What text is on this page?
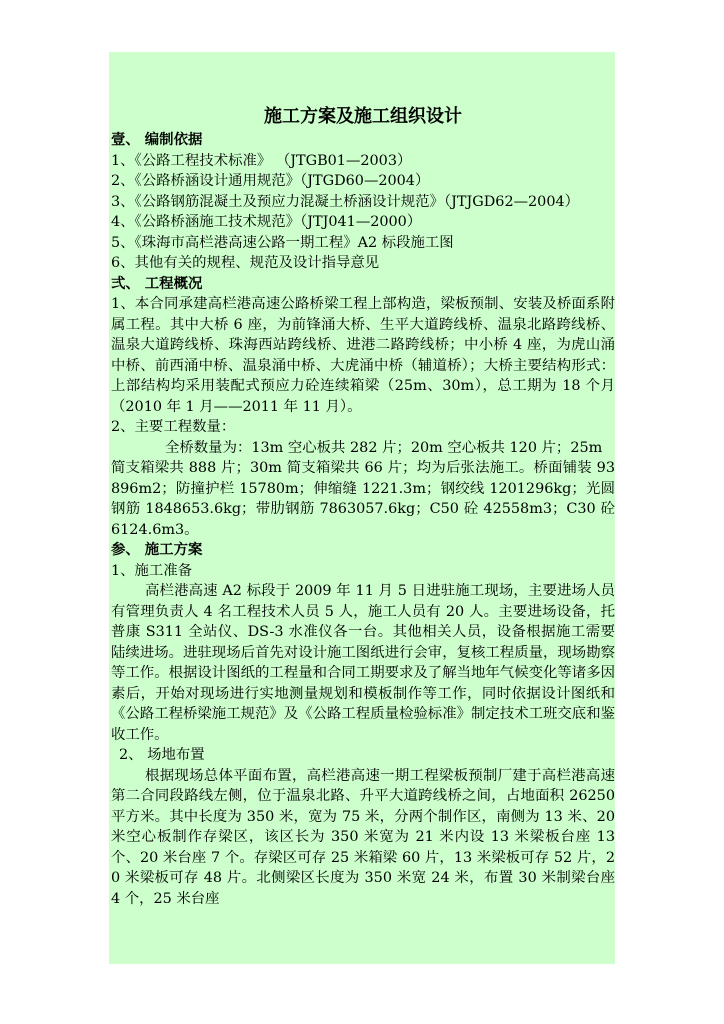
施工方案及施工组织设计

壹、 编制依据

1、《公路工程技术标准》 （JTGB01—2003）

2、《公路桥涵设计通用规范》（JTGD60—2004）

3、《公路钢筋混凝土及预应力混凝土桥涵设计规范》（JTJGD62—2004）

4、《公路桥涵施工技术规范》（JTJ041—2000）

5、《珠海市高栏港高速公路一期工程》A2 标段施工图

6、其他有关的规程、规范及设计指导意见

弍、 工程概况

1、本合同承建高栏港高速公路桥梁工程上部构造，梁板预制、安装及桥面系附属工程。其中大桥 6 座，为前锋涌大桥、生平大道跨线桥、温泉北路跨线桥、温泉大道跨线桥、珠海西站跨线桥、进港二路跨线桥；中小桥 4 座，为虎山涌中桥、前西涌中桥、温泉涌中桥、大虎涌中桥（辅道桥）；大桥主要结构形式：上部结构均采用装配式预应力砼连续箱梁（25m、30m），总工期为 18 个月（2010 年 1 月——2011 年 11 月）。

2、主要工程数量：

全桥数量为：13m 空心板共 282 片；20m 空心板共 120 片；25m

简支箱梁共 888 片；30m 简支箱梁共 66 片；均为后张法施工。桥面铺装 93896m2；防撞护栏 15780m；伸缩缝 1221.3m；钢绞线 1201296kg；光圆钢筋 1848653.6kg；带肋钢筋 7863057.6kg；C50 砼 42558m3；C30 砼 6124.6m3。

参、 施工方案

1、施工准备

高栏港高速 A2 标段于 2009 年 11 月 5 日进驻施工现场，主要进场人员有管理负责人 4 名工程技术人员 5 人，施工人员有 20 人。主要进场设备，托普康 S311 全站仪、DS-3 水准仪各一台。其他相关人员，设备根据施工需要陆续进场。进驻现场后首先对设计施工图纸进行会审，复核工程质量，现场勘察等工作。根据设计图纸的工程量和合同工期要求及了解当地年气候变化等诸多因素后，开始对现场进行实地测量规划和模板制作等工作，同时依据设计图纸和《公路工程桥梁施工规范》及《公路工程质量检验标准》制定技术工班交底和鉴收工作。

2、 场地布置

根据现场总体平面布置，高栏港高速一期工程梁板预制厂建于高栏港高速第二合同段路线左侧，位于温泉北路、升平大道跨线桥之间，占地面积 26250 平方米。其中长度为 350 米，宽为 75 米，分两个制作区，南侧为 13 米、20 米空心板制作存梁区，该区长为 350 米宽为 21 米内设 13 米梁板台座 13 个、20 米台座 7 个。存梁区可存 25 米箱梁 60 片，13 米梁板可存 52 片，20 米梁板可存 48 片。北侧梁区长度为 350 米宽 24 米，布置 30 米制梁台座 4 个，25 米台座
